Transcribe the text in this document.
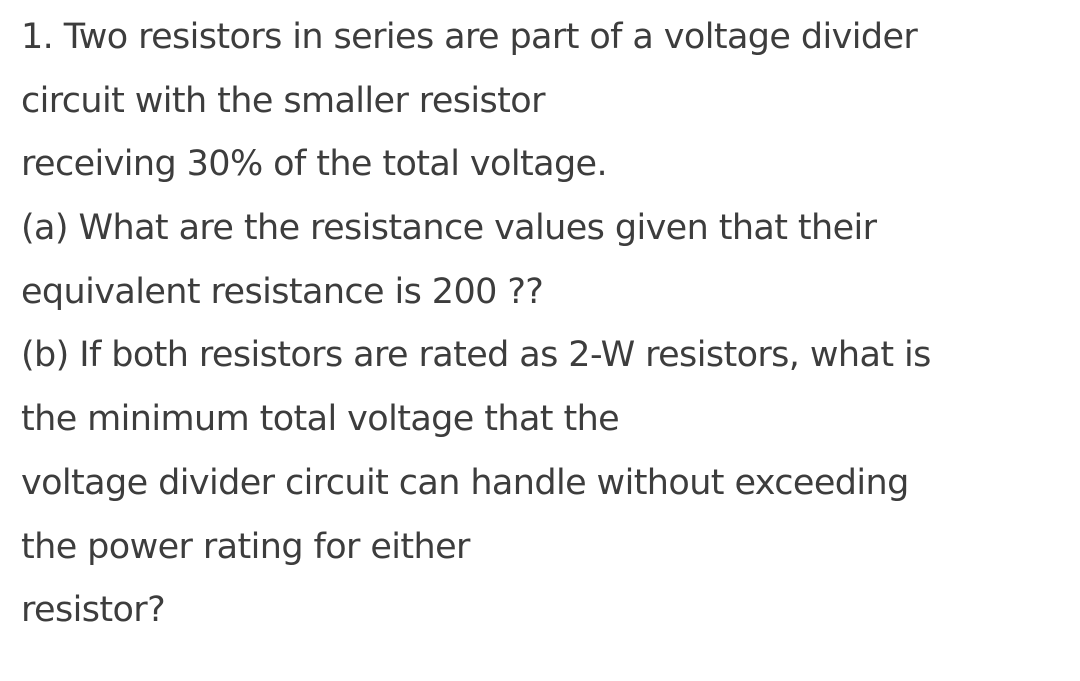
1. Two resistors in series are part of a voltage divider
circuit with the smaller resistor
receiving 30% of the total voltage.
(a) What are the resistance values given that their
equivalent resistance is 200 ??
(b) If both resistors are rated as 2-W resistors, what is
the minimum total voltage that the
voltage divider circuit can handle without exceeding
the power rating for either
resistor?
